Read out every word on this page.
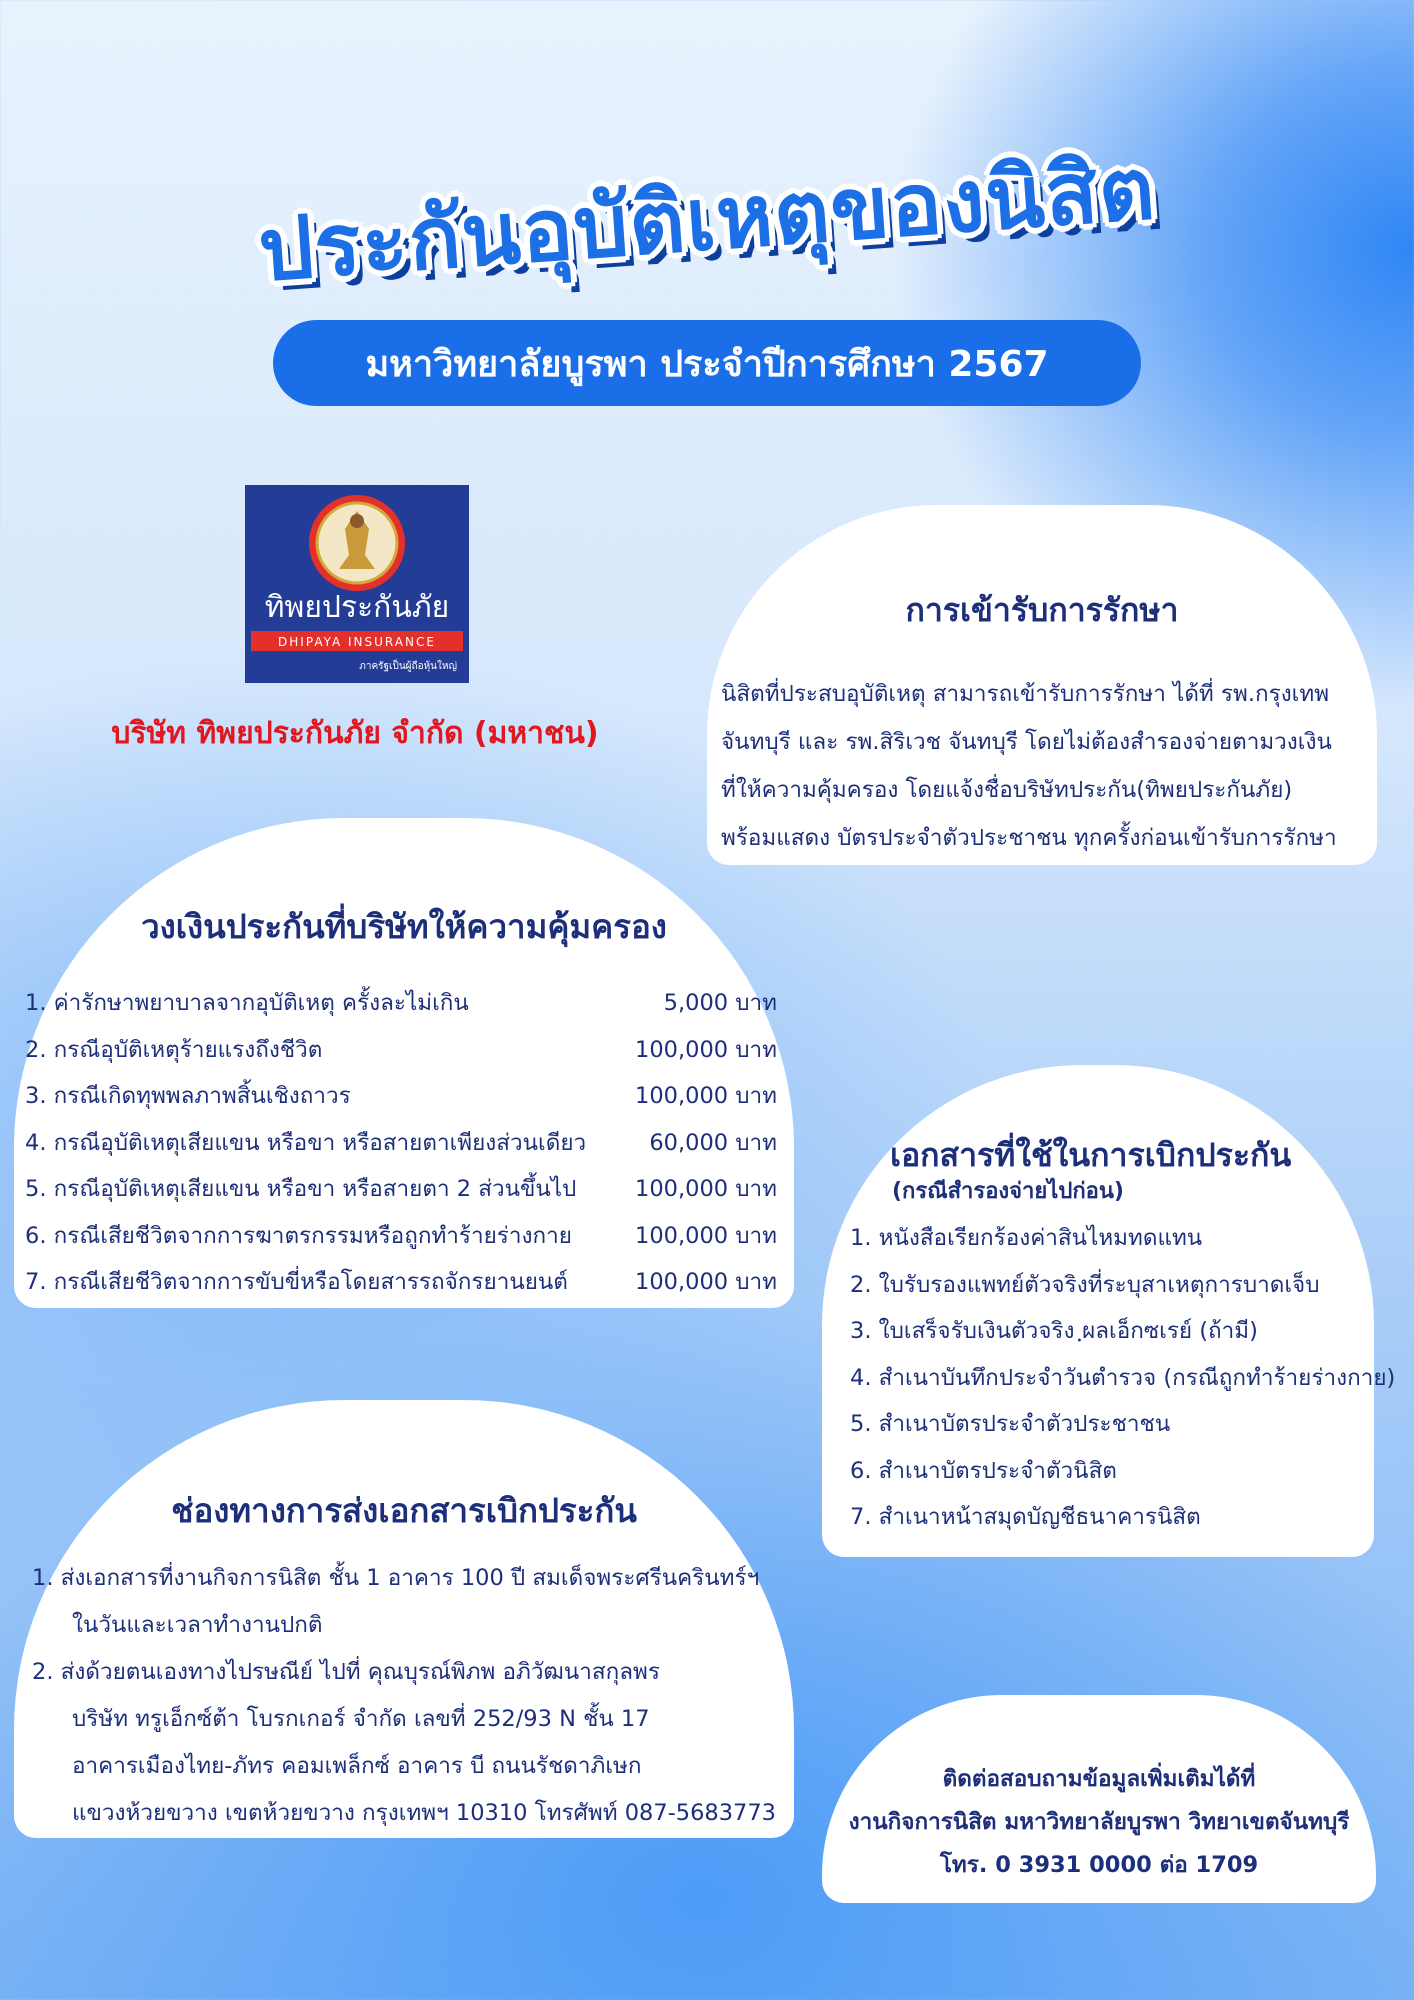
ประกันอุบัติเหตุของนิสิต
มหาวิทยาลัยบูรพา ประจำปีการศึกษา 2567
ทิพยประกันภัย
DHIPAYA INSURANCE
ภาครัฐเป็นผู้ถือหุ้นใหญ่
บริษัท ทิพยประกันภัย จำกัด (มหาชน)
การเข้ารับการรักษา
นิสิตที่ประสบอุบัติเหตุ สามารถเข้ารับการรักษา ได้ที่ รพ.กรุงเทพ
จันทบุรี และ รพ.สิริเวช จันทบุรี โดยไม่ต้องสำรองจ่ายตามวงเงิน
ที่ให้ความคุ้มครอง โดยแจ้งชื่อบริษัทประกัน(ทิพยประกันภัย)
พร้อมแสดง บัตรประจำตัวประชาชน ทุกครั้งก่อนเข้ารับการรักษา
วงเงินประกันที่บริษัทให้ความคุ้มครอง
1. ค่ารักษาพยาบาลจากอุบัติเหตุ ครั้งละไม่เกิน	5,000 บาท
2. กรณีอุบัติเหตุร้ายแรงถึงชีวิต	100,000 บาท
3. กรณีเกิดทุพพลภาพสิ้นเชิงถาวร	100,000 บาท
4. กรณีอุบัติเหตุเสียแขน หรือขา หรือสายตาเพียงส่วนเดียว	60,000 บาท
5. กรณีอุบัติเหตุเสียแขน หรือขา หรือสายตา 2 ส่วนขึ้นไป	100,000 บาท
6. กรณีเสียชีวิตจากการฆาตรกรรมหรือถูกทำร้ายร่างกาย	100,000 บาท
7. กรณีเสียชีวิตจากการขับขี่หรือโดยสารรถจักรยานยนต์	100,000 บาท
เอกสารที่ใช้ในการเบิกประกัน
(กรณีสำรองจ่ายไปก่อน)
1. หนังสือเรียกร้องค่าสินไหมทดแทน
2. ใบรับรองแพทย์ตัวจริงที่ระบุสาเหตุการบาดเจ็บ
3. ใบเสร็จรับเงินตัวจริง ฺผลเอ็กซเรย์ (ถ้ามี)
4. สำเนาบันทึกประจำวันตำรวจ (กรณีถูกทำร้ายร่างกาย)
5. สำเนาบัตรประจำตัวประชาชน
6. สำเนาบัตรประจำตัวนิสิต
7. สำเนาหน้าสมุดบัญชีธนาคารนิสิต
ช่องทางการส่งเอกสารเบิกประกัน
1. ส่งเอกสารที่งานกิจการนิสิต ชั้น 1 อาคาร 100 ปี สมเด็จพระศรีนครินทร์ฯ
ในวันและเวลาทำงานปกติ
2. ส่งด้วยตนเองทางไปรษณีย์ ไปที่ คุณบุรณ์พิภพ อภิวัฒนาสกุลพร
บริษัท ทรูเอ็กซ์ต้า โบรกเกอร์ จำกัด เลขที่ 252/93 N ชั้น 17
อาคารเมืองไทย-ภัทร คอมเพล็กซ์ อาคาร บี ถนนรัชดาภิเษก
แขวงห้วยขวาง เขตห้วยขวาง กรุงเทพฯ 10310 โทรศัพท์ 087-5683773
ติดต่อสอบถามข้อมูลเพิ่มเติมได้ที่
งานกิจการนิสิต มหาวิทยาลัยบูรพา วิทยาเขตจันทบุรี
โทร. 0 3931 0000 ต่อ 1709
